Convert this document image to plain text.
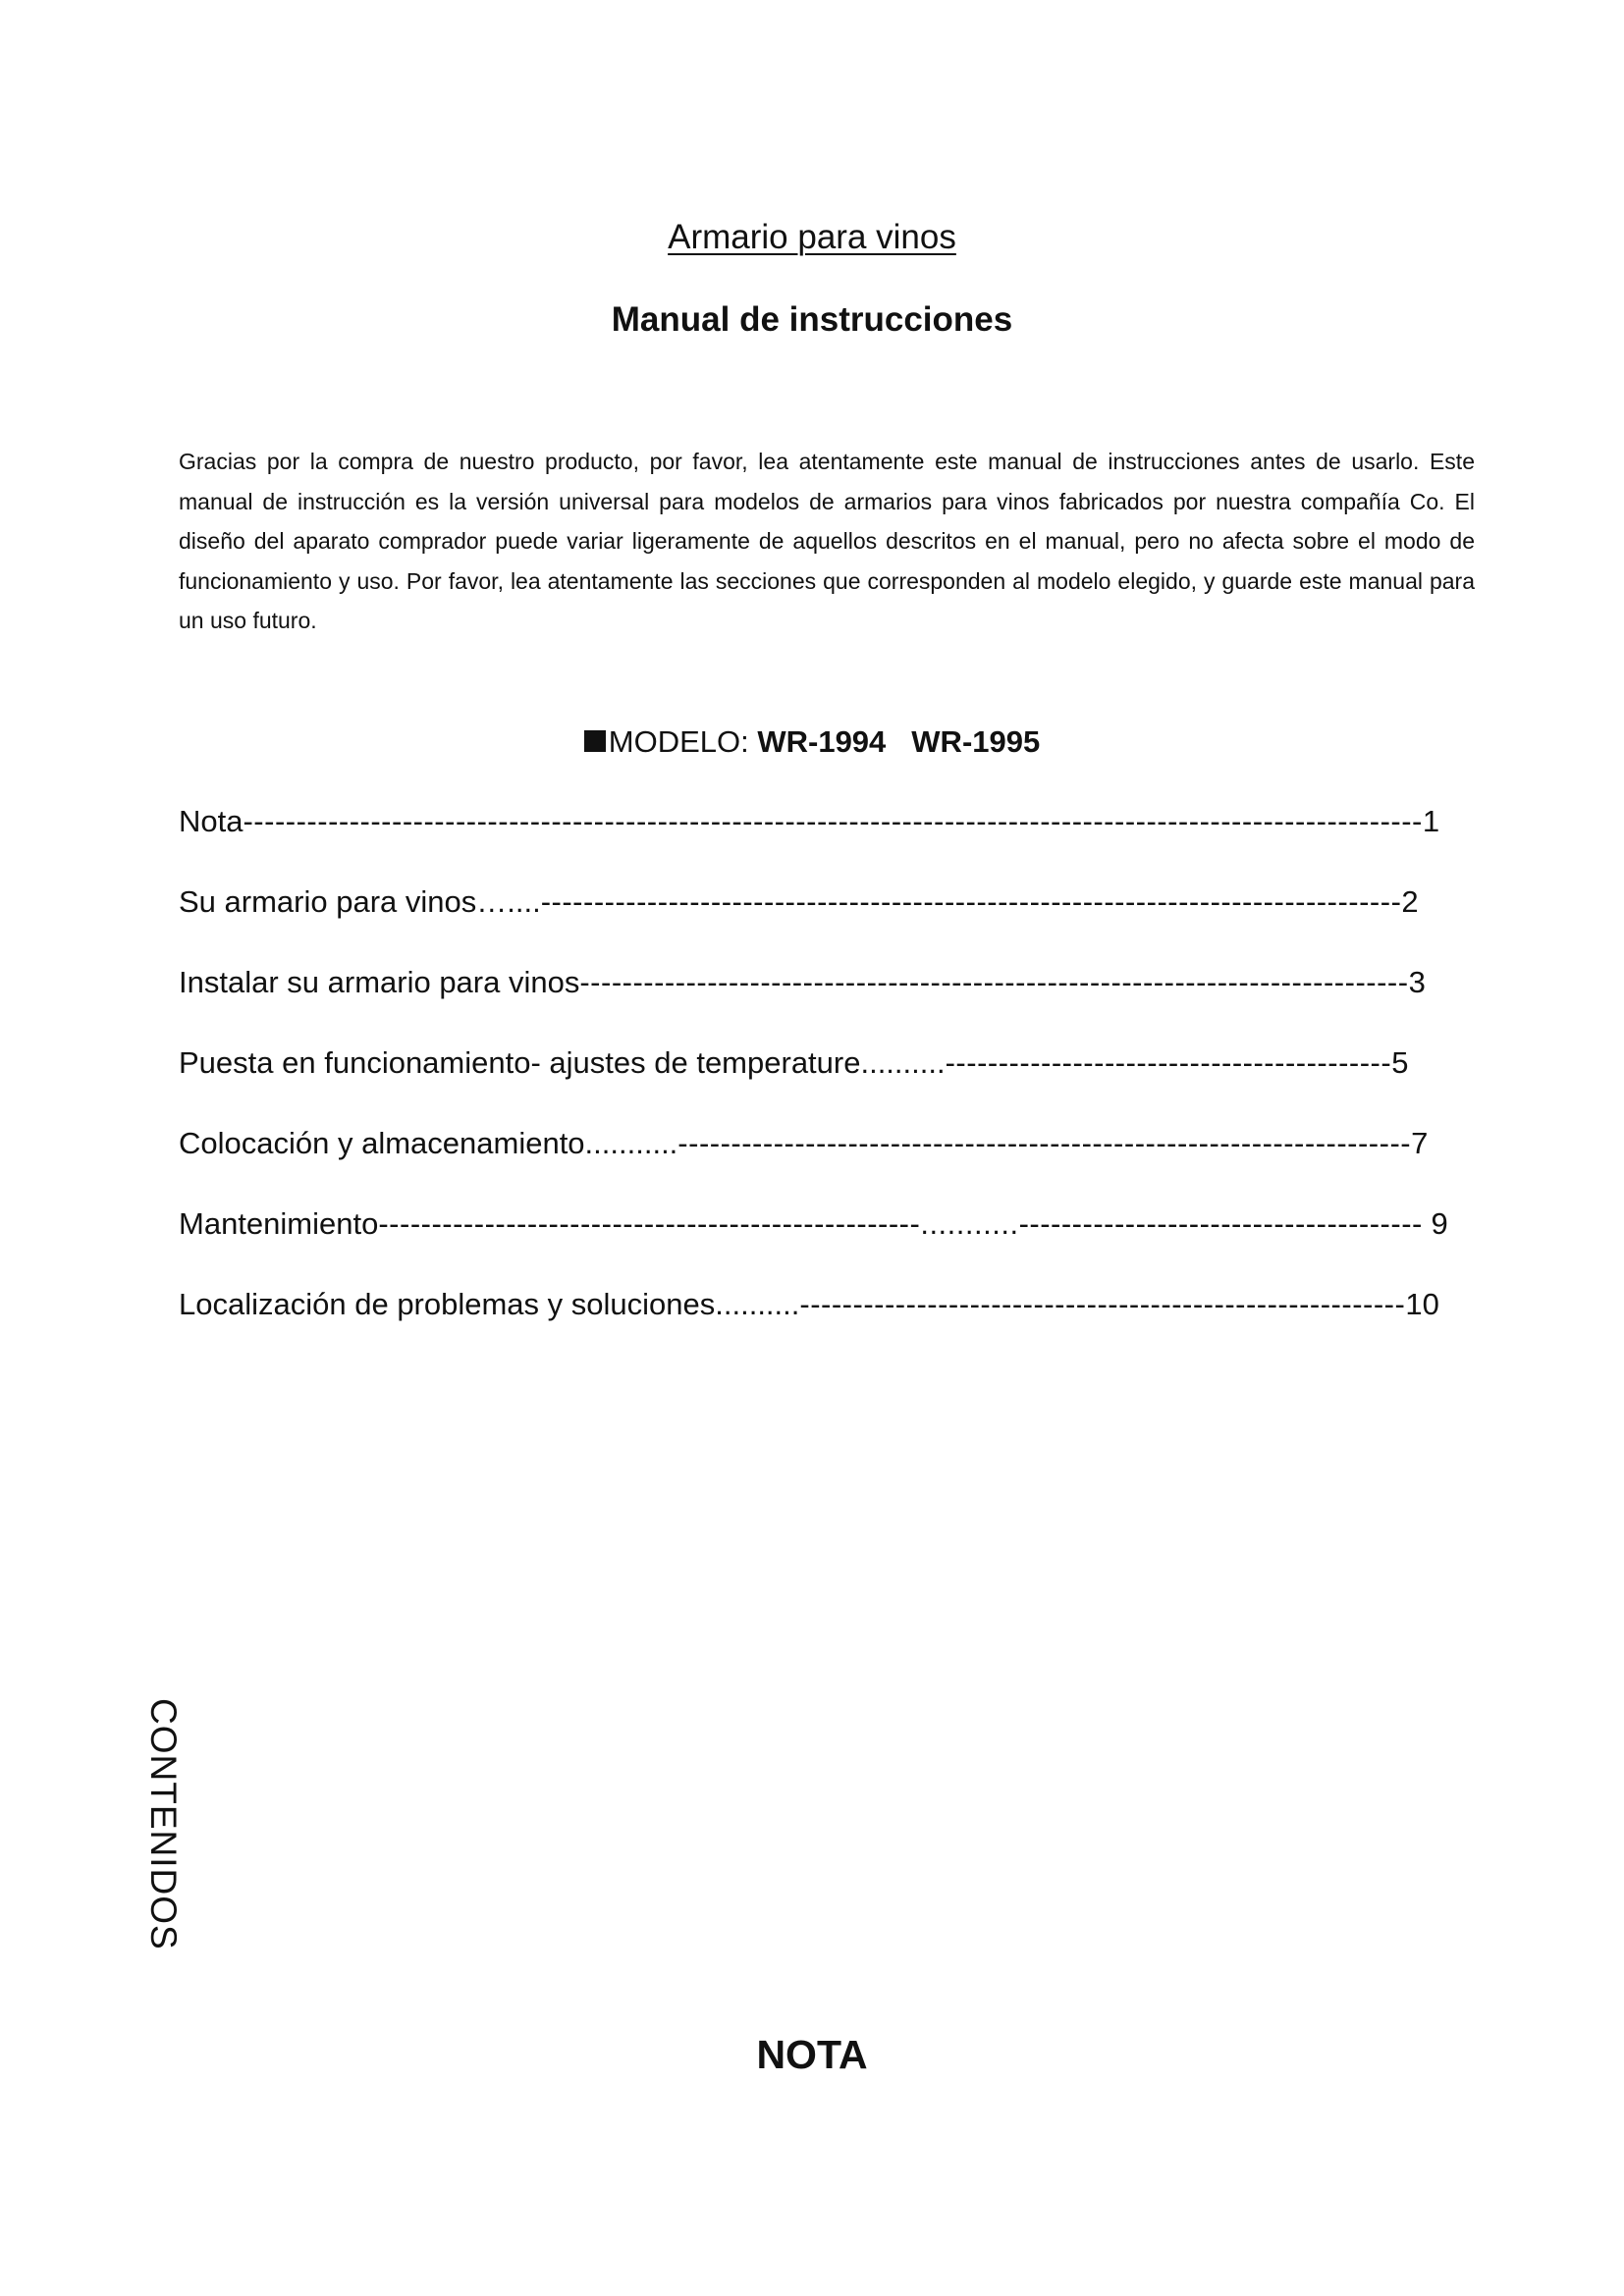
Armario para vinos
Manual de instrucciones

Gracias por la compra de nuestro producto, por favor, lea atentamente este manual de instrucciones antes de usarlo. Este manual de instrucción es la versión universal para modelos de armarios para vinos fabricados por nuestra compañía Co. El diseño del aparato comprador puede variar ligeramente de aquellos descritos en el manual, pero no afecta sobre el modo de funcionamiento y uso. Por favor, lea atentamente las secciones que corresponden al modelo elegido, y guarde este manual para un uso futuro.

MODELO: WR-1994 WR-1995

Nota---------------------------------------------------------------------------------------------------------------1
Su armario para vinos…....---------------------------------------------------------------------------------2
Instalar su armario para vinos------------------------------------------------------------------------------3
Puesta en funcionamiento- ajustes de temperature..........------------------------------------------5
Colocación y almacenamiento...........---------------------------------------------------------------------7
Mantenimiento---------------------------------------------------...........-------------------------------------- 9
Localización de problemas y soluciones..........---------------------------------------------------------10

CONTENIDOS

NOTA
